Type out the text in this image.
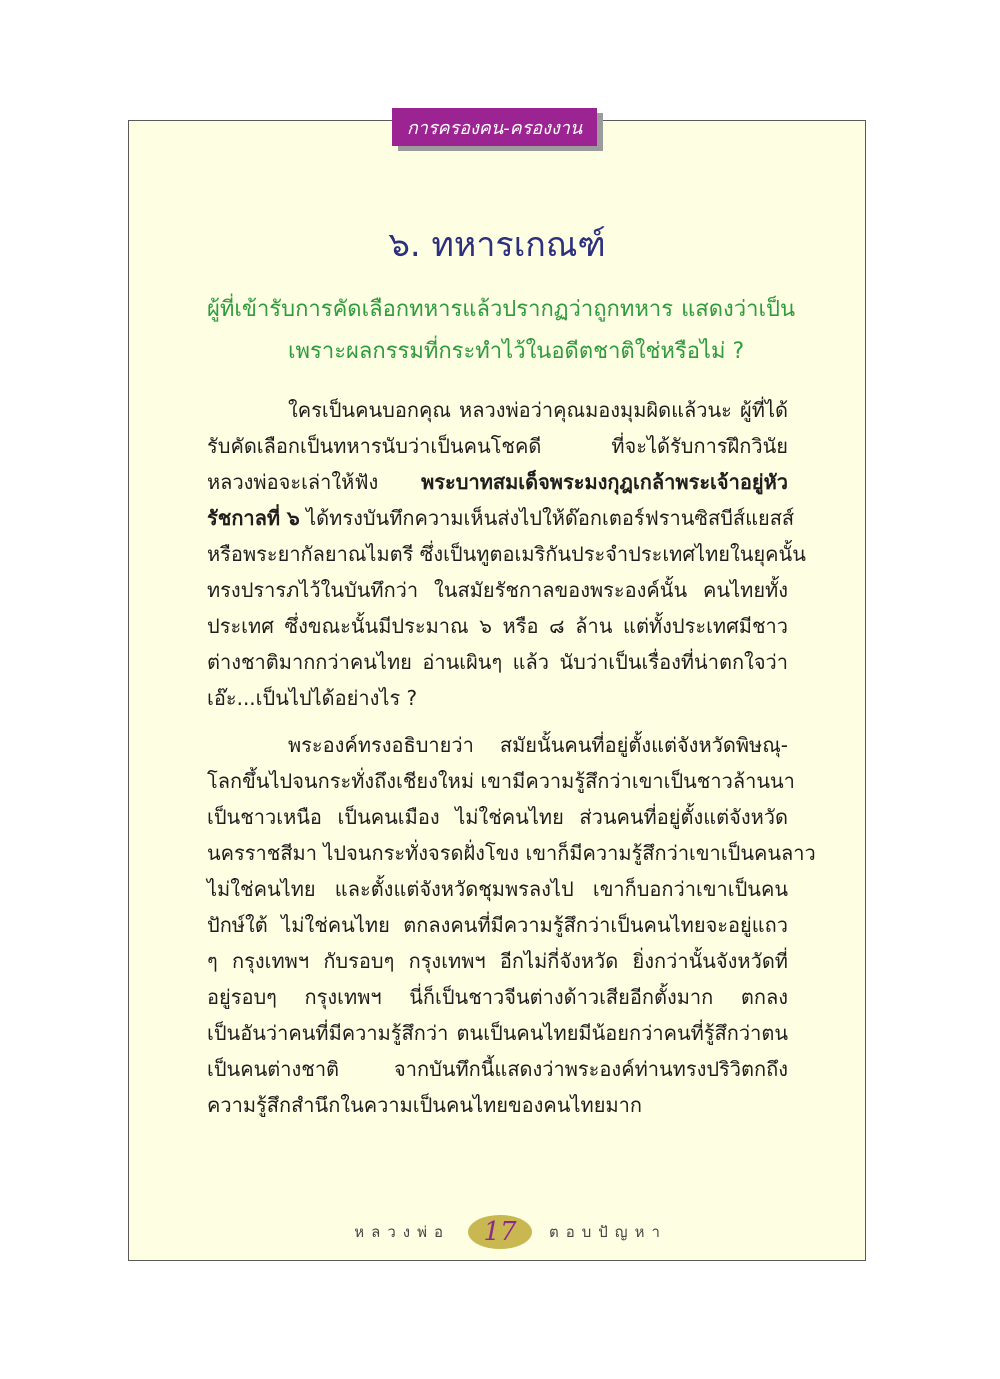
การครองคน-ครองงาน
๖. ทหารเกณฑ์
ผู้ที่เข้ารับการคัดเลือกทหารแล้วปรากฏว่าถูกทหาร แสดงว่าเป็น
เพราะผลกรรมที่กระทำไว้ในอดีตชาติใช่หรือไม่ ?
ใครเป็นคนบอกคุณ หลวงพ่อว่าคุณมองมุมผิดแล้วนะ ผู้ที่ได้
รับคัดเลือกเป็นทหารนับว่าเป็นคนโชคดี ที่จะได้รับการฝึกวินัย
หลวงพ่อจะเล่าให้ฟัง พระบาทสมเด็จพระมงกุฎเกล้าพระเจ้าอยู่หัว
รัชกาลที่ ๖ ได้ทรงบันทึกความเห็นส่งไปให้ด๊อกเตอร์ฟรานซิสบีส์แยสส์
หรือพระยากัลยาณไมตรี ซึ่งเป็นทูตอเมริกันประจำประเทศไทยในยุคนั้น
ทรงปรารภไว้ในบันทึกว่า ในสมัยรัชกาลของพระองค์นั้น คนไทยทั้ง
ประเทศ ซึ่งขณะนั้นมีประมาณ ๖ หรือ ๘ ล้าน แต่ทั้งประเทศมีชาว
ต่างชาติมากกว่าคนไทย อ่านเผินๆ แล้ว นับว่าเป็นเรื่องที่น่าตกใจว่า
เอ๊ะ...เป็นไปได้อย่างไร ?
พระองค์ทรงอธิบายว่า สมัยนั้นคนที่อยู่ตั้งแต่จังหวัดพิษณุ-
โลกขึ้นไปจนกระทั่งถึงเชียงใหม่ เขามีความรู้สึกว่าเขาเป็นชาวล้านนา
เป็นชาวเหนือ เป็นคนเมือง ไม่ใช่คนไทย ส่วนคนที่อยู่ตั้งแต่จังหวัด
นครราชสีมา ไปจนกระทั่งจรดฝั่งโขง เขาก็มีความรู้สึกว่าเขาเป็นคนลาว
ไม่ใช่คนไทย และตั้งแต่จังหวัดชุมพรลงไป เขาก็บอกว่าเขาเป็นคน
ปักษ์ใต้ ไม่ใช่คนไทย ตกลงคนที่มีความรู้สึกว่าเป็นคนไทยจะอยู่แถว
ๆ กรุงเทพฯ กับรอบๆ กรุงเทพฯ อีกไม่กี่จังหวัด ยิ่งกว่านั้นจังหวัดที่
อยู่รอบๆ กรุงเทพฯ นี่ก็เป็นชาวจีนต่างด้าวเสียอีกตั้งมาก ตกลง
เป็นอันว่าคนที่มีความรู้สึกว่า ตนเป็นคนไทยมีน้อยกว่าคนที่รู้สึกว่าตน
เป็นคนต่างชาติ จากบันทึกนี้แสดงว่าพระองค์ท่านทรงปริวิตกถึง
ความรู้สึกสำนึกในความเป็นคนไทยของคนไทยมาก
หลวงพ่อ 17 ตอบปัญหา
